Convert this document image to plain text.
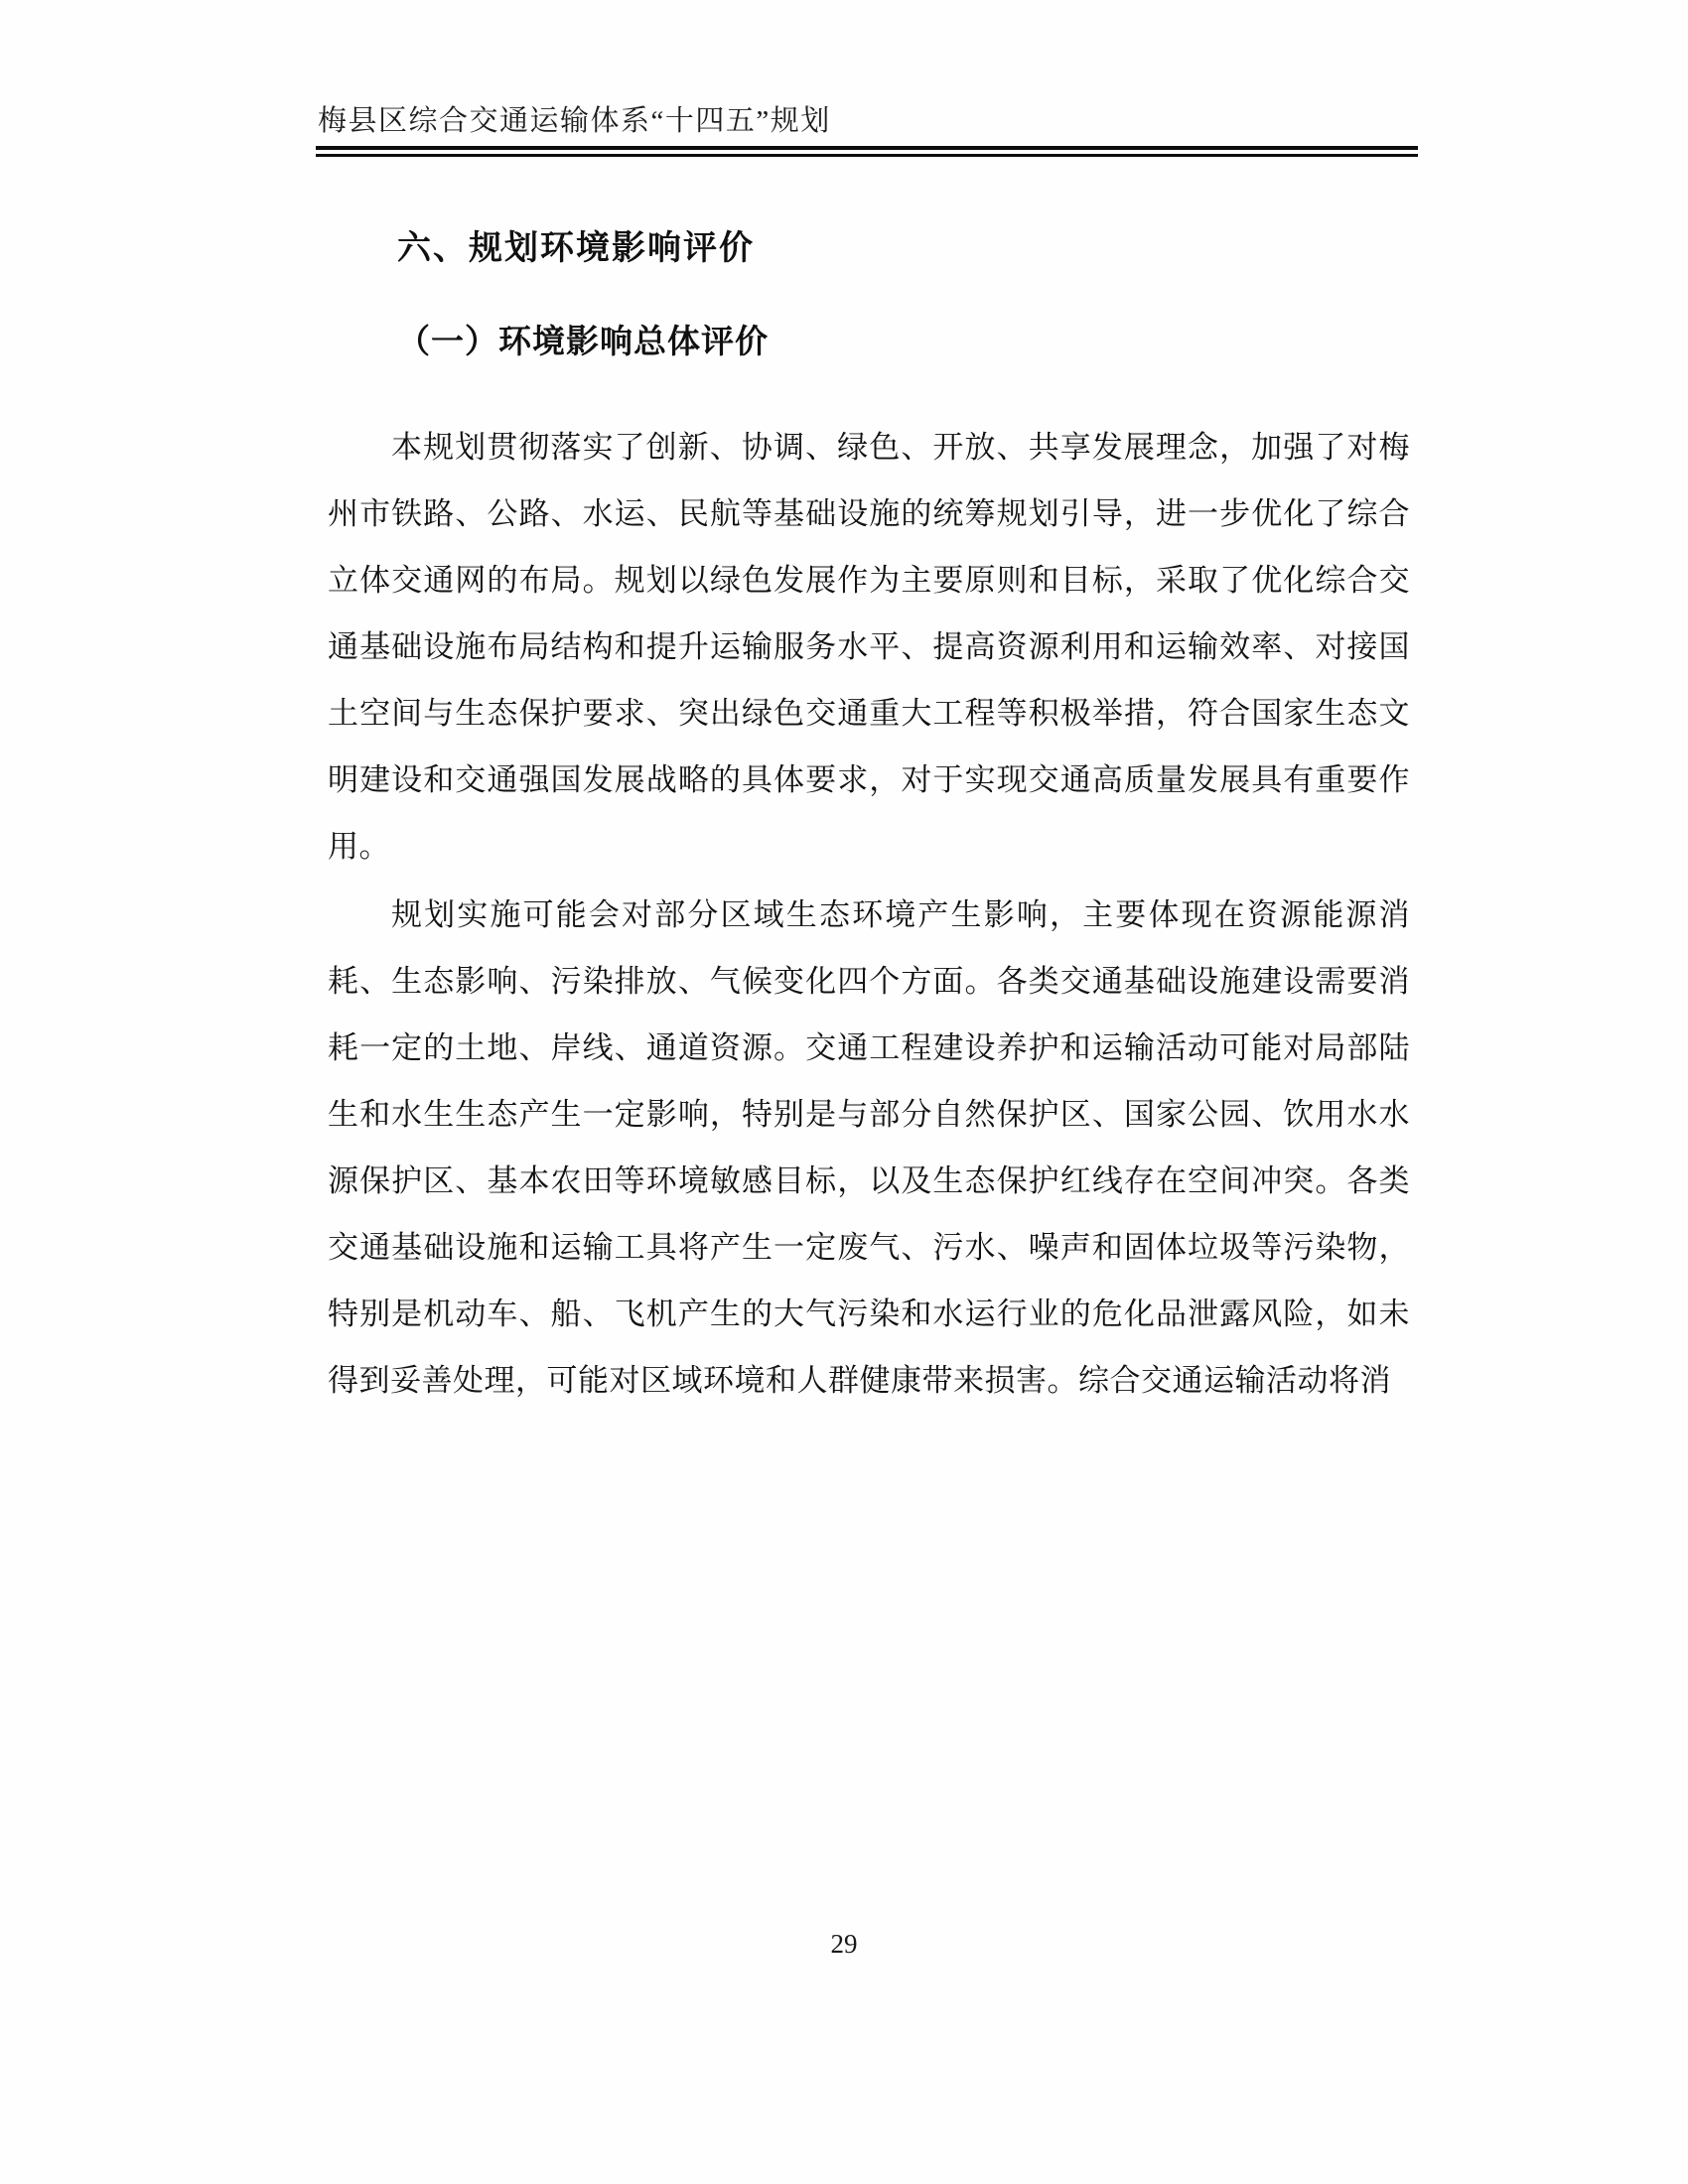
梅县区综合交通运输体系“十四五”规划
六、规划环境影响评价
（一）环境影响总体评价

本规划贯彻落实了创新、协调、绿色、开放、共享发展理念，加强了对梅州市铁路、公路、水运、民航等基础设施的统筹规划引导，进一步优化了综合立体交通网的布局。规划以绿色发展作为主要原则和目标，采取了优化综合交通基础设施布局结构和提升运输服务水平、提高资源利用和运输效率、对接国土空间与生态保护要求、突出绿色交通重大工程等积极举措，符合国家生态文明建设和交通强国发展战略的具体要求，对于实现交通高质量发展具有重要作用。

规划实施可能会对部分区域生态环境产生影响，主要体现在资源能源消耗、生态影响、污染排放、气候变化四个方面。各类交通基础设施建设需要消耗一定的土地、岸线、通道资源。交通工程建设养护和运输活动可能对局部陆生和水生生态产生一定影响，特别是与部分自然保护区、国家公园、饮用水水源保护区、基本农田等环境敏感目标，以及生态保护红线存在空间冲突。各类交通基础设施和运输工具将产生一定废气、污水、噪声和固体垃圾等污染物，特别是机动车、船、飞机产生的大气污染和水运行业的危化品泄露风险，如未得到妥善处理，可能对区域环境和人群健康带来损害。综合交通运输活动将消

29
